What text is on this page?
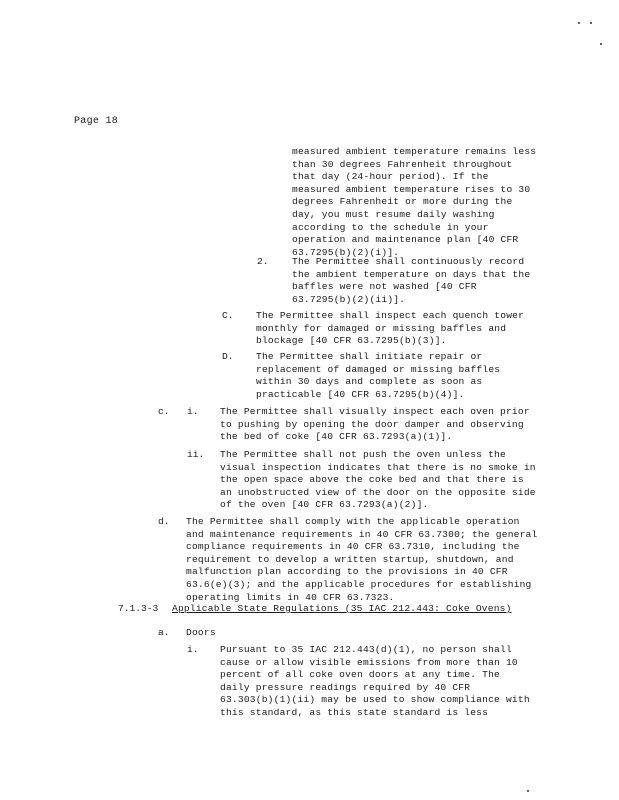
Page 18
measured ambient temperature remains less
than 30 degrees Fahrenheit throughout
that day (24-hour period). If the
measured ambient temperature rises to 30
degrees Fahrenheit or more during the
day, you must resume daily washing
according to the schedule in your
operation and maintenance plan [40 CFR
63.7295(b)(2)(i)].
2. The Permittee shall continuously record
the ambient temperature on days that the
baffles were not washed [40 CFR
63.7295(b)(2)(ii)].
C. The Permittee shall inspect each quench tower
monthly for damaged or missing baffles and
blockage [40 CFR 63.7295(b)(3)].
D. The Permittee shall initiate repair or
replacement of damaged or missing baffles
within 30 days and complete as soon as
practicable [40 CFR 63.7295(b)(4)].
c. i. The Permittee shall visually inspect each oven prior
to pushing by opening the door damper and observing
the bed of coke [40 CFR 63.7293(a)(1)].
ii. The Permittee shall not push the oven unless the
visual inspection indicates that there is no smoke in
the open space above the coke bed and that there is
an unobstructed view of the door on the opposite side
of the oven [40 CFR 63.7293(a)(2)].
d. The Permittee shall comply with the applicable operation
and maintenance requirements in 40 CFR 63.7300; the general
compliance requirements in 40 CFR 63.7310, including the
requirement to develop a written startup, shutdown, and
malfunction plan according to the provisions in 40 CFR
63.6(e)(3); and the applicable procedures for establishing
operating limits in 40 CFR 63.7323.
7.1.3-3 Applicable State Regulations (35 IAC 212.443: Coke Ovens)
a. Doors
i. Pursuant to 35 IAC 212.443(d)(1), no person shall
cause or allow visible emissions from more than 10
percent of all coke oven doors at any time. The
daily pressure readings required by 40 CFR
63.303(b)(1)(ii) may be used to show compliance with
this standard, as this state standard is less
